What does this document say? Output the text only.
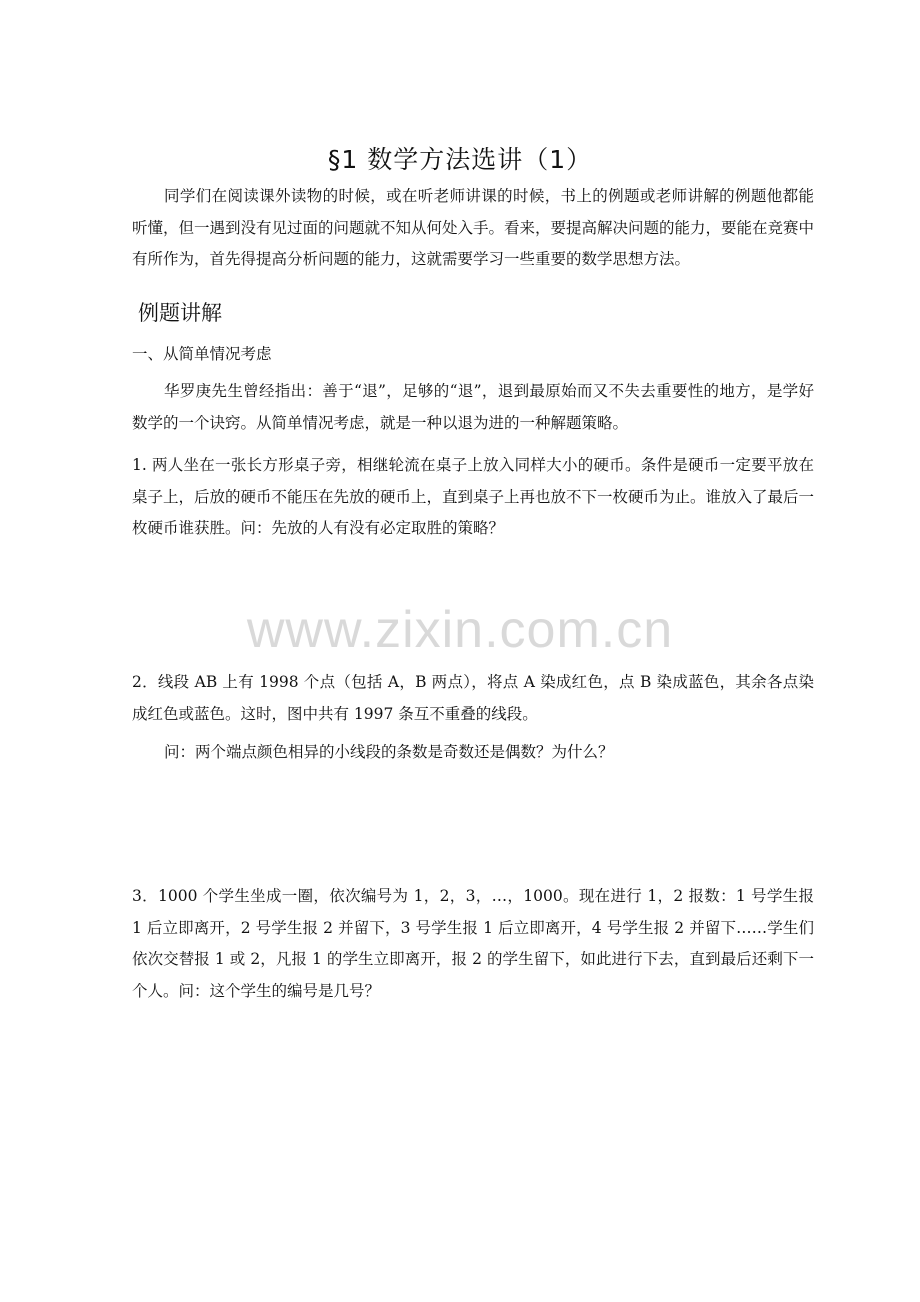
§1 数学方法选讲（1）
同学们在阅读课外读物的时候，或在听老师讲课的时候，书上的例题或老师讲解的例题他都能听懂，但一遇到没有见过面的问题就不知从何处入手。看来，要提高解决问题的能力，要能在竞赛中有所作为，首先得提高分析问题的能力，这就需要学习一些重要的数学思想方法。
例题讲解
一、从简单情况考虑
华罗庚先生曾经指出：善于“退”，足够的“退”，退到最原始而又不失去重要性的地方，是学好数学的一个诀窍。从简单情况考虑，就是一种以退为进的一种解题策略。
1. 两人坐在一张长方形桌子旁，相继轮流在桌子上放入同样大小的硬币。条件是硬币一定要平放在桌子上，后放的硬币不能压在先放的硬币上，直到桌子上再也放不下一枚硬币为止。谁放入了最后一枚硬币谁获胜。问：先放的人有没有必定取胜的策略？
www.zixin.com.cn
2．线段 AB 上有 1998 个点（包括 A，B 两点），将点 A 染成红色，点 B 染成蓝色，其余各点染成红色或蓝色。这时，图中共有 1997 条互不重叠的线段。
问：两个端点颜色相异的小线段的条数是奇数还是偶数？为什么？
3．1000 个学生坐成一圈，依次编号为 1，2，3，…，1000。现在进行 1，2 报数：1 号学生报 1 后立即离开，2 号学生报 2 并留下，3 号学生报 1 后立即离开，4 号学生报 2 并留下……学生们依次交替报 1 或 2，凡报 1 的学生立即离开，报 2 的学生留下，如此进行下去，直到最后还剩下一个人。问：这个学生的编号是几号？
